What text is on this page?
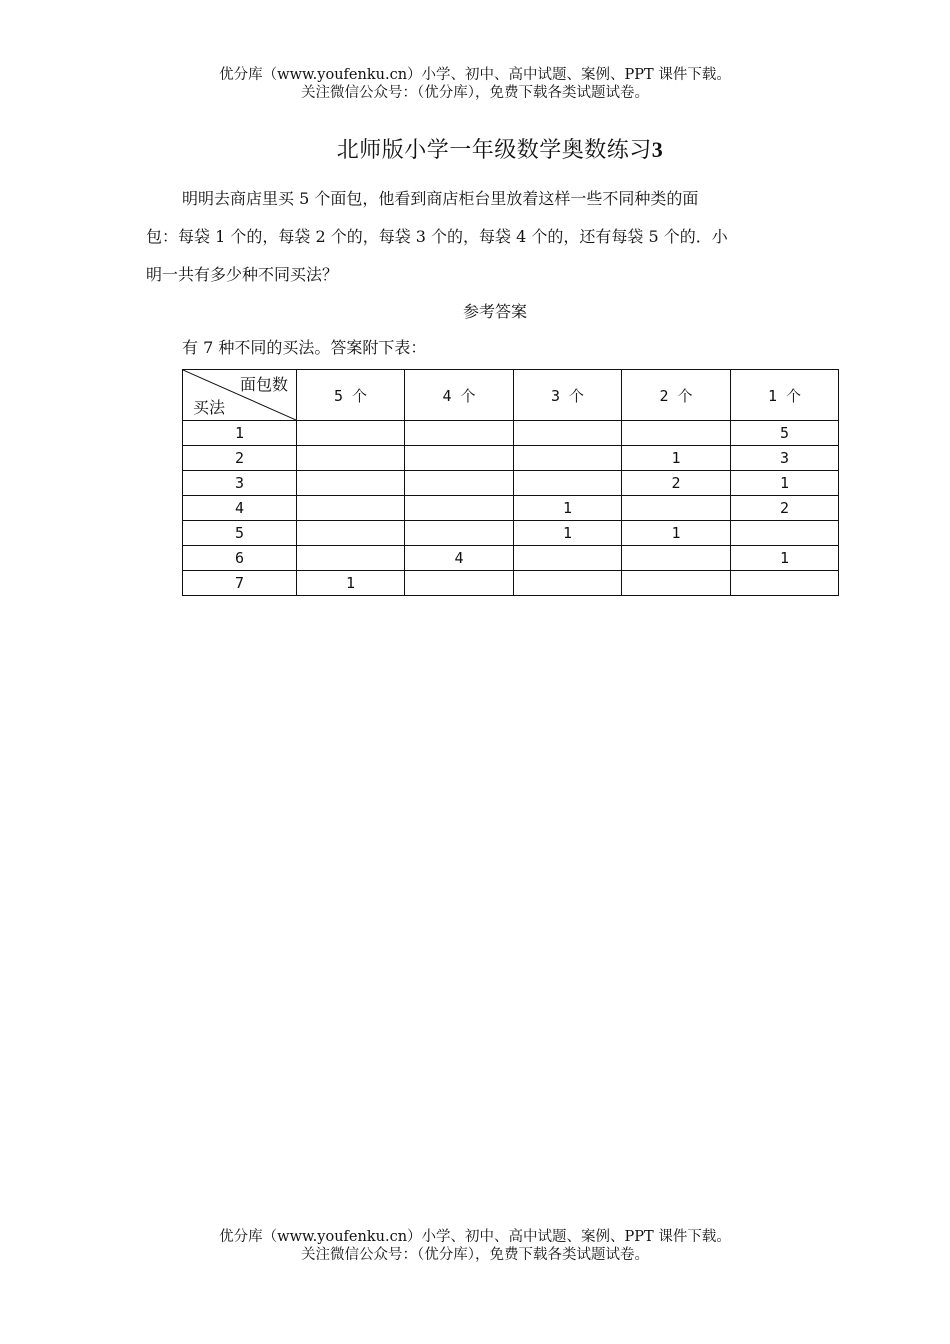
优分库（www.youfenku.cn）小学、初中、高中试题、案例、PPT 课件下载。
关注微信公众号：（优分库），免费下载各类试题试卷。
北师版小学一年级数学奥数练习3
明明去商店里买 5 个面包，他看到商店柜台里放着这样一些不同种类的面
包：每袋 1 个的，每袋 2 个的，每袋 3 个的，每袋 4 个的，还有每袋 5 个的．小
明一共有多少种不同买法？
参考答案
有 7 种不同的买法。答案附下表：
面包数
买法	5 个	4 个	3 个	2 个	1 个
1					5
2				1	3
3				2	1
4			1		2
5			1	1	
6		4			1
7	1				
优分库（www.youfenku.cn）小学、初中、高中试题、案例、PPT 课件下载。
关注微信公众号：（优分库），免费下载各类试题试卷。
